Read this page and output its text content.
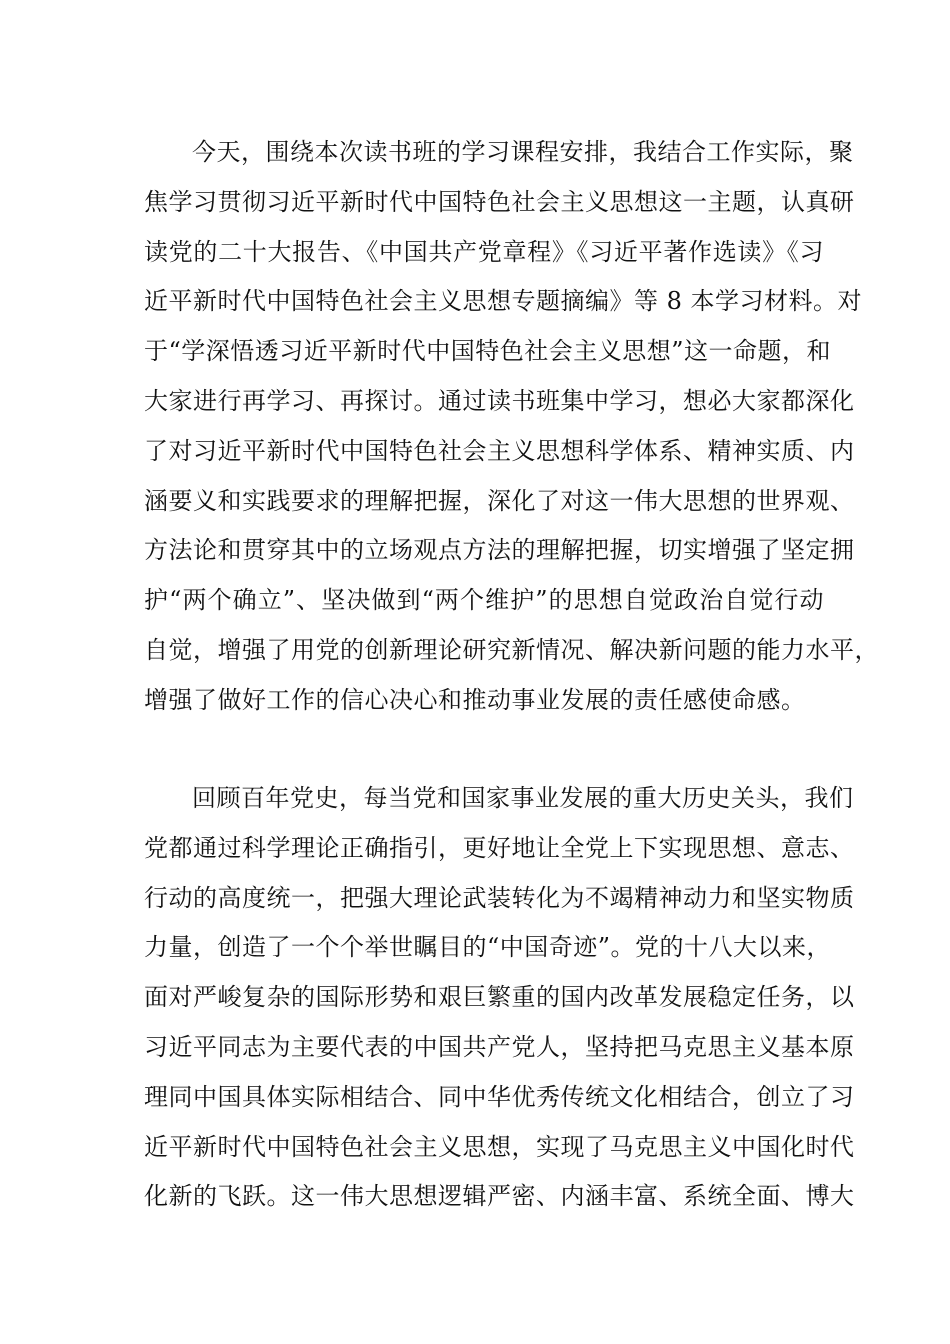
今天，围绕本次读书班的学习课程安排，我结合工作实际，聚
焦学习贯彻习近平新时代中国特色社会主义思想这一主题，认真研
读党的二十大报告、《中国共产党章程》《习近平著作选读》《习
近平新时代中国特色社会主义思想专题摘编》等 8 本学习材料。对
于“学深悟透习近平新时代中国特色社会主义思想”这一命题，和
大家进行再学习、再探讨。通过读书班集中学习，想必大家都深化
了对习近平新时代中国特色社会主义思想科学体系、精神实质、内
涵要义和实践要求的理解把握，深化了对这一伟大思想的世界观、
方法论和贯穿其中的立场观点方法的理解把握，切实增强了坚定拥
护“两个确立”、坚决做到“两个维护”的思想自觉政治自觉行动
自觉，增强了用党的创新理论研究新情况、解决新问题的能力水平，
增强了做好工作的信心决心和推动事业发展的责任感使命感。
回顾百年党史，每当党和国家事业发展的重大历史关头，我们
党都通过科学理论正确指引，更好地让全党上下实现思想、意志、
行动的高度统一，把强大理论武装转化为不竭精神动力和坚实物质
力量，创造了一个个举世瞩目的“中国奇迹”。党的十八大以来，
面对严峻复杂的国际形势和艰巨繁重的国内改革发展稳定任务，以
习近平同志为主要代表的中国共产党人，坚持把马克思主义基本原
理同中国具体实际相结合、同中华优秀传统文化相结合，创立了习
近平新时代中国特色社会主义思想，实现了马克思主义中国化时代
化新的飞跃。这一伟大思想逻辑严密、内涵丰富、系统全面、博大
